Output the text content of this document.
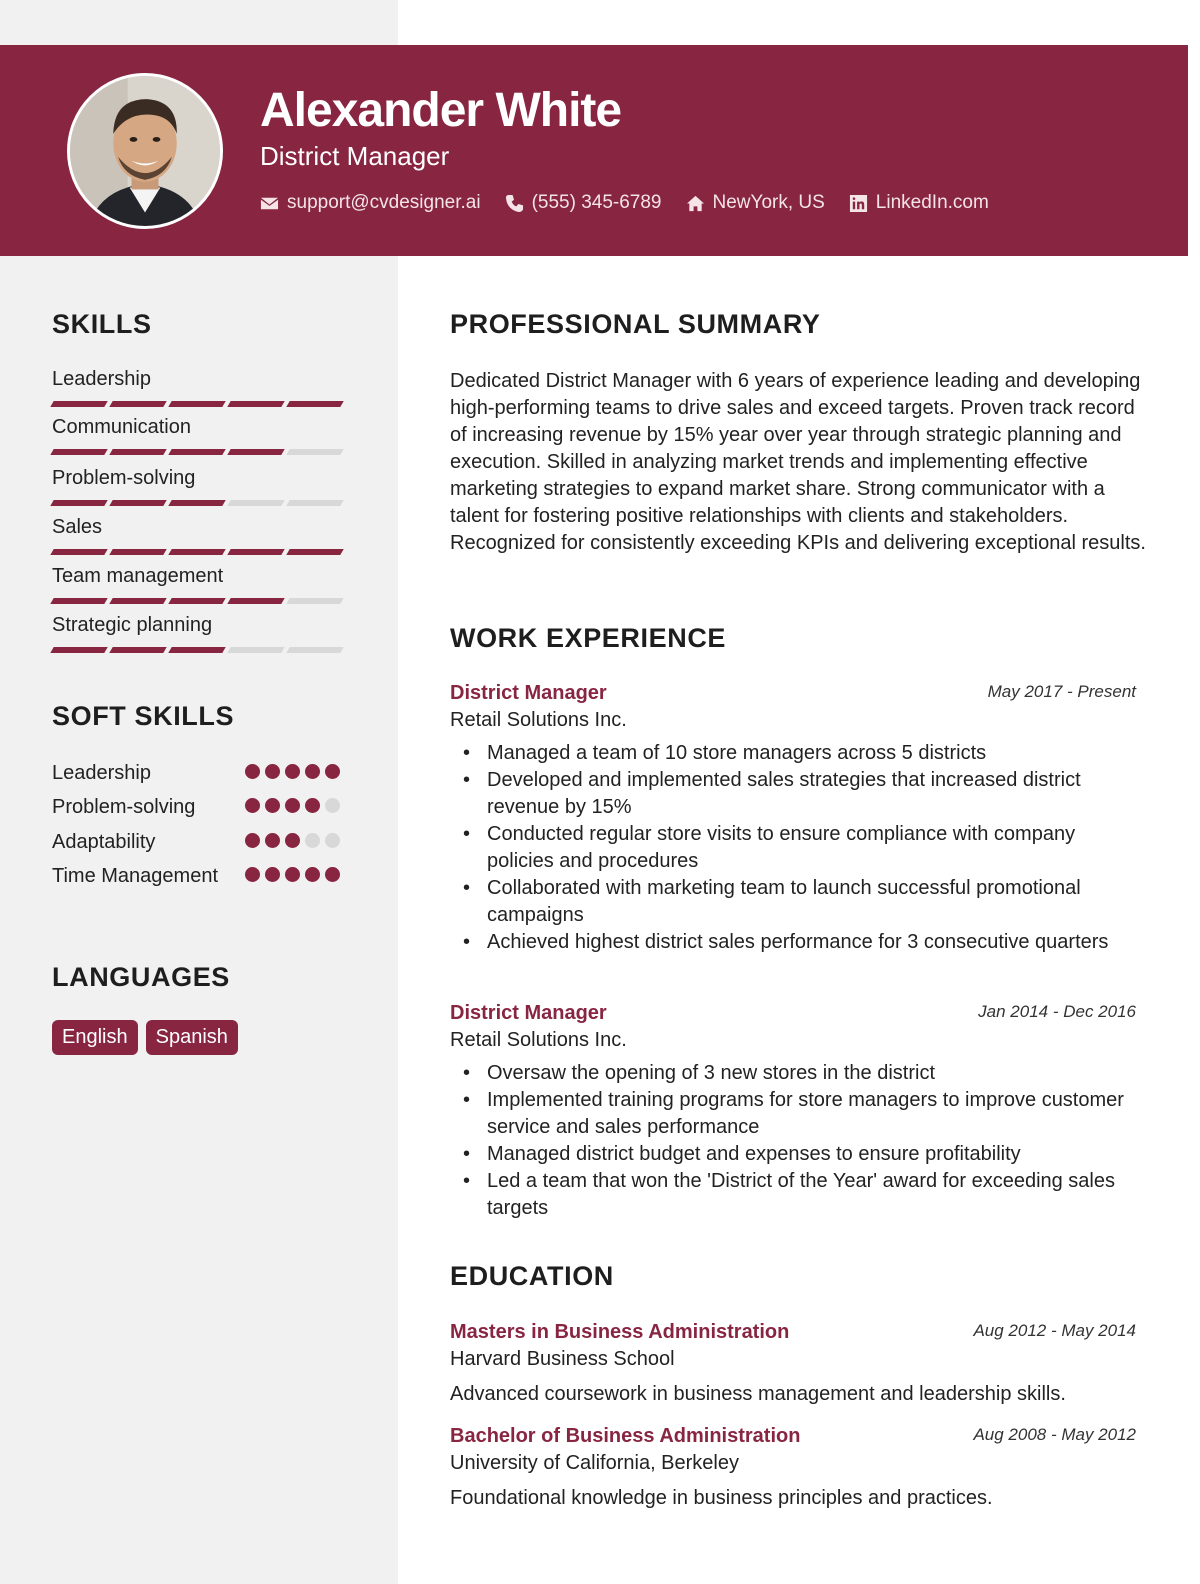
Alexander White
District Manager
support@cvdesigner.ai	(555) 345-6789	NewYork, US	LinkedIn.com
SKILLS
Leadership
Communication
Problem-solving
Sales
Team management
Strategic planning
SOFT SKILLS
Leadership
Problem-solving
Adaptability
Time Management
LANGUAGES
English	Spanish
PROFESSIONAL SUMMARY
Dedicated District Manager with 6 years of experience leading and developing high-performing teams to drive sales and exceed targets. Proven track record of increasing revenue by 15% year over year through strategic planning and execution. Skilled in analyzing market trends and implementing effective marketing strategies to expand market share. Strong communicator with a talent for fostering positive relationships with clients and stakeholders. Recognized for consistently exceeding KPIs and delivering exceptional results.
WORK EXPERIENCE
District Manager	May 2017 - Present
Retail Solutions Inc.
• Managed a team of 10 store managers across 5 districts
• Developed and implemented sales strategies that increased district revenue by 15%
• Conducted regular store visits to ensure compliance with company policies and procedures
• Collaborated with marketing team to launch successful promotional campaigns
• Achieved highest district sales performance for 3 consecutive quarters
District Manager	Jan 2014 - Dec 2016
Retail Solutions Inc.
• Oversaw the opening of 3 new stores in the district
• Implemented training programs for store managers to improve customer service and sales performance
• Managed district budget and expenses to ensure profitability
• Led a team that won the 'District of the Year' award for exceeding sales targets
EDUCATION
Masters in Business Administration	Aug 2012 - May 2014
Harvard Business School
Advanced coursework in business management and leadership skills.
Bachelor of Business Administration	Aug 2008 - May 2012
University of California, Berkeley
Foundational knowledge in business principles and practices.
